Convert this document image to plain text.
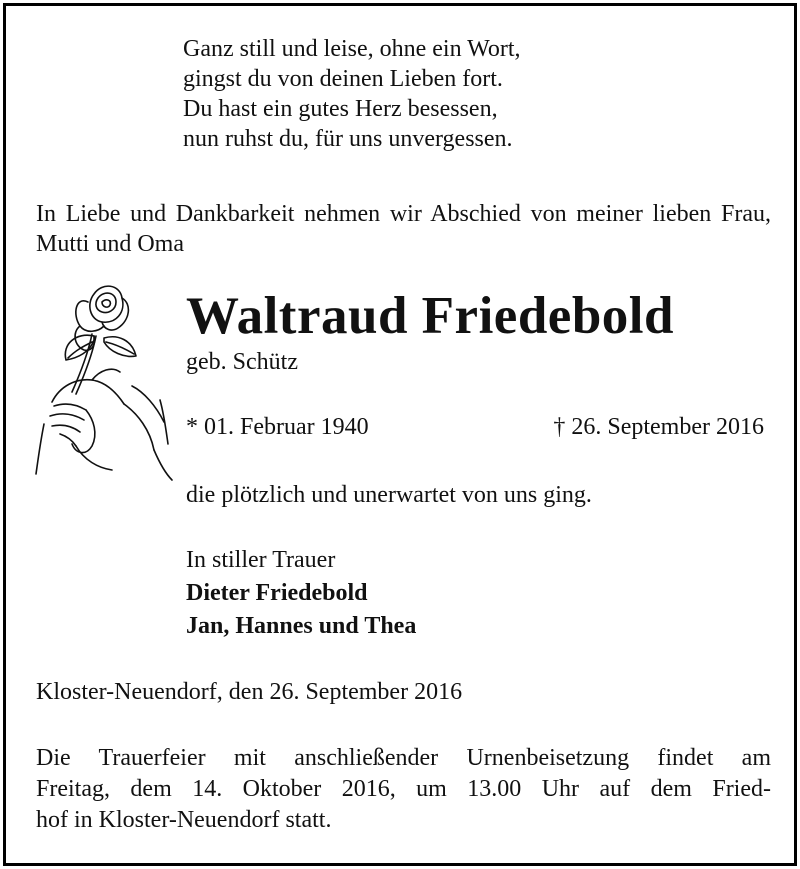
Ganz still und leise, ohne ein Wort,
gingst du von deinen Lieben fort.
Du hast ein gutes Herz besessen,
nun ruhst du, für uns unvergessen.
In Liebe und Dankbarkeit nehmen wir Abschied von meiner lieben Frau, Mutti und Oma
Waltraud Friedebold
geb. Schütz
* 01. Februar 1940	† 26. September 2016
die plötzlich und unerwartet von uns ging.
In stiller Trauer
Dieter Friedebold
Jan, Hannes und Thea
Kloster-Neuendorf, den 26. September 2016
Die Trauerfeier mit anschließender Urnenbeisetzung findet am
Freitag, dem 14. Oktober 2016, um 13.00 Uhr auf dem Fried-
hof in Kloster-Neuendorf statt.
